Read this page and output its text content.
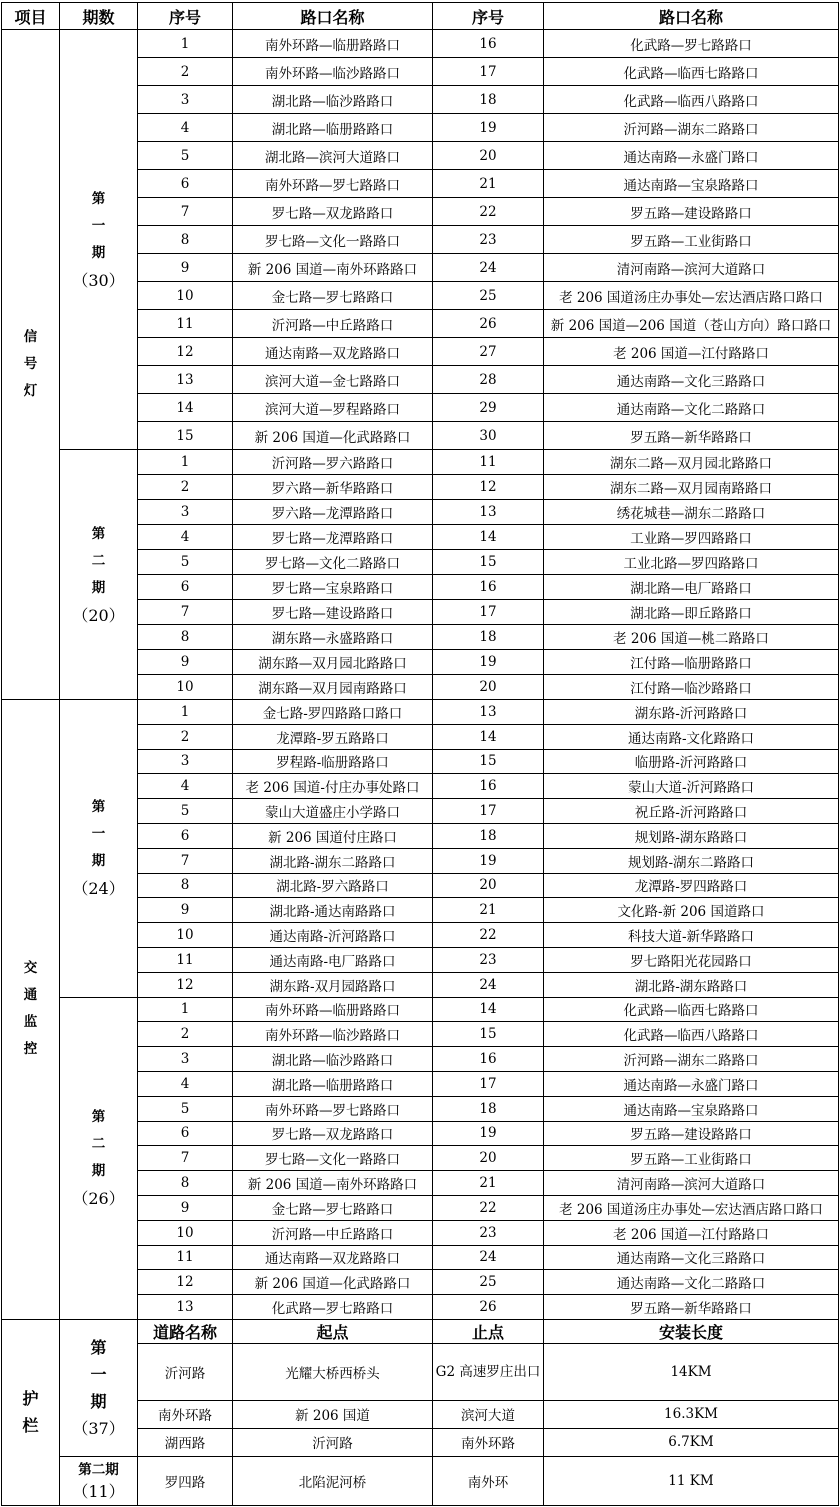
项目	期数	序号	路口名称	序号	路口名称

信
号
灯	第
一
期
（30）	1	南外环路—临册路路口	16	化武路—罗七路路口
		2	南外环路—临沙路路口	17	化武路—临西七路路口
		3	湖北路—临沙路路口	18	化武路—临西八路路口
		4	湖北路—临册路路口	19	沂河路—湖东二路路口
		5	湖北路—滨河大道路口	20	通达南路—永盛门路口
		6	南外环路—罗七路路口	21	通达南路—宝泉路路口
		7	罗七路—双龙路路口	22	罗五路—建设路路口
		8	罗七路—文化一路路口	23	罗五路—工业街路口
		9	新 206 国道—南外环路路口	24	清河南路—滨河大道路口
		10	金七路—罗七路路口	25	老 206 国道汤庄办事处—宏达酒店路口路口
		11	沂河路—中丘路路口	26	新 206 国道—206 国道（苍山方向）路口路口
		12	通达南路—双龙路路口	27	老 206 国道—江付路路口
		13	滨河大道—金七路路口	28	通达南路—文化三路路口
		14	滨河大道—罗程路路口	29	通达南路—文化二路路口
		15	新 206 国道—化武路路口	30	罗五路—新华路路口

	第
二
期
（20）	1	沂河路—罗六路路口	11	湖东二路—双月园北路路口
		2	罗六路—新华路路口	12	湖东二路—双月园南路路口
		3	罗六路—龙潭路路口	13	绣花城巷—湖东二路路口
		4	罗七路—龙潭路路口	14	工业路—罗四路路口
		5	罗七路—文化二路路口	15	工业北路—罗四路路口
		6	罗七路—宝泉路路口	16	湖北路—电厂路路口
		7	罗七路—建设路路口	17	湖北路—即丘路路口
		8	湖东路—永盛路路口	18	老 206 国道—桃二路路口
		9	湖东路—双月园北路路口	19	江付路—临册路路口
		10	湖东路—双月园南路路口	20	江付路—临沙路路口

交
通
监
控	第
一
期
（24）	1	金七路-罗四路路口路口	13	湖东路-沂河路路口
		2	龙潭路-罗五路路口	14	通达南路-文化路路口
		3	罗程路-临册路路口	15	临册路-沂河路路口
		4	老 206 国道-付庄办事处路口	16	蒙山大道-沂河路路口
		5	蒙山大道盛庄小学路口	17	祝丘路-沂河路路口
		6	新 206 国道付庄路口	18	规划路-湖东路路口
		7	湖北路-湖东二路路口	19	规划路-湖东二路路口
		8	湖北路-罗六路路口	20	龙潭路-罗四路路口
		9	湖北路-通达南路路口	21	文化路-新 206 国道路口
		10	通达南路-沂河路路口	22	科技大道-新华路路口
		11	通达南路-电厂路路口	23	罗七路阳光花园路口
		12	湖东路-双月园路路口	24	湖北路-湖东路路口

	第
二
期
（26）	1	南外环路—临册路路口	14	化武路—临西七路路口
		2	南外环路—临沙路路口	15	化武路—临西八路路口
		3	湖北路—临沙路路口	16	沂河路—湖东二路路口
		4	湖北路—临册路路口	17	通达南路—永盛门路口
		5	南外环路—罗七路路口	18	通达南路—宝泉路路口
		6	罗七路—双龙路路口	19	罗五路—建设路路口
		7	罗七路—文化一路路口	20	罗五路—工业街路口
		8	新 206 国道—南外环路路口	21	清河南路—滨河大道路口
		9	金七路—罗七路路口	22	老 206 国道汤庄办事处—宏达酒店路口路口
		10	沂河路—中丘路路口	23	老 206 国道—江付路路口
		11	通达南路—双龙路路口	24	通达南路—文化三路路口
		12	新 206 国道—化武路路口	25	通达南路—文化二路路口
		13	化武路—罗七路路口	26	罗五路—新华路路口

护
栏	第
一
期
（37）	道路名称	起点	止点	安装长度
		沂河路	光耀大桥西桥头	G2 高速罗庄出口	14KM
		南外环路	新 206 国道	滨河大道	16.3KM
		湖西路	沂河路	南外环路	6.7KM
	第二期
（11）	罗四路	北陷泥河桥	南外环	11 KM
